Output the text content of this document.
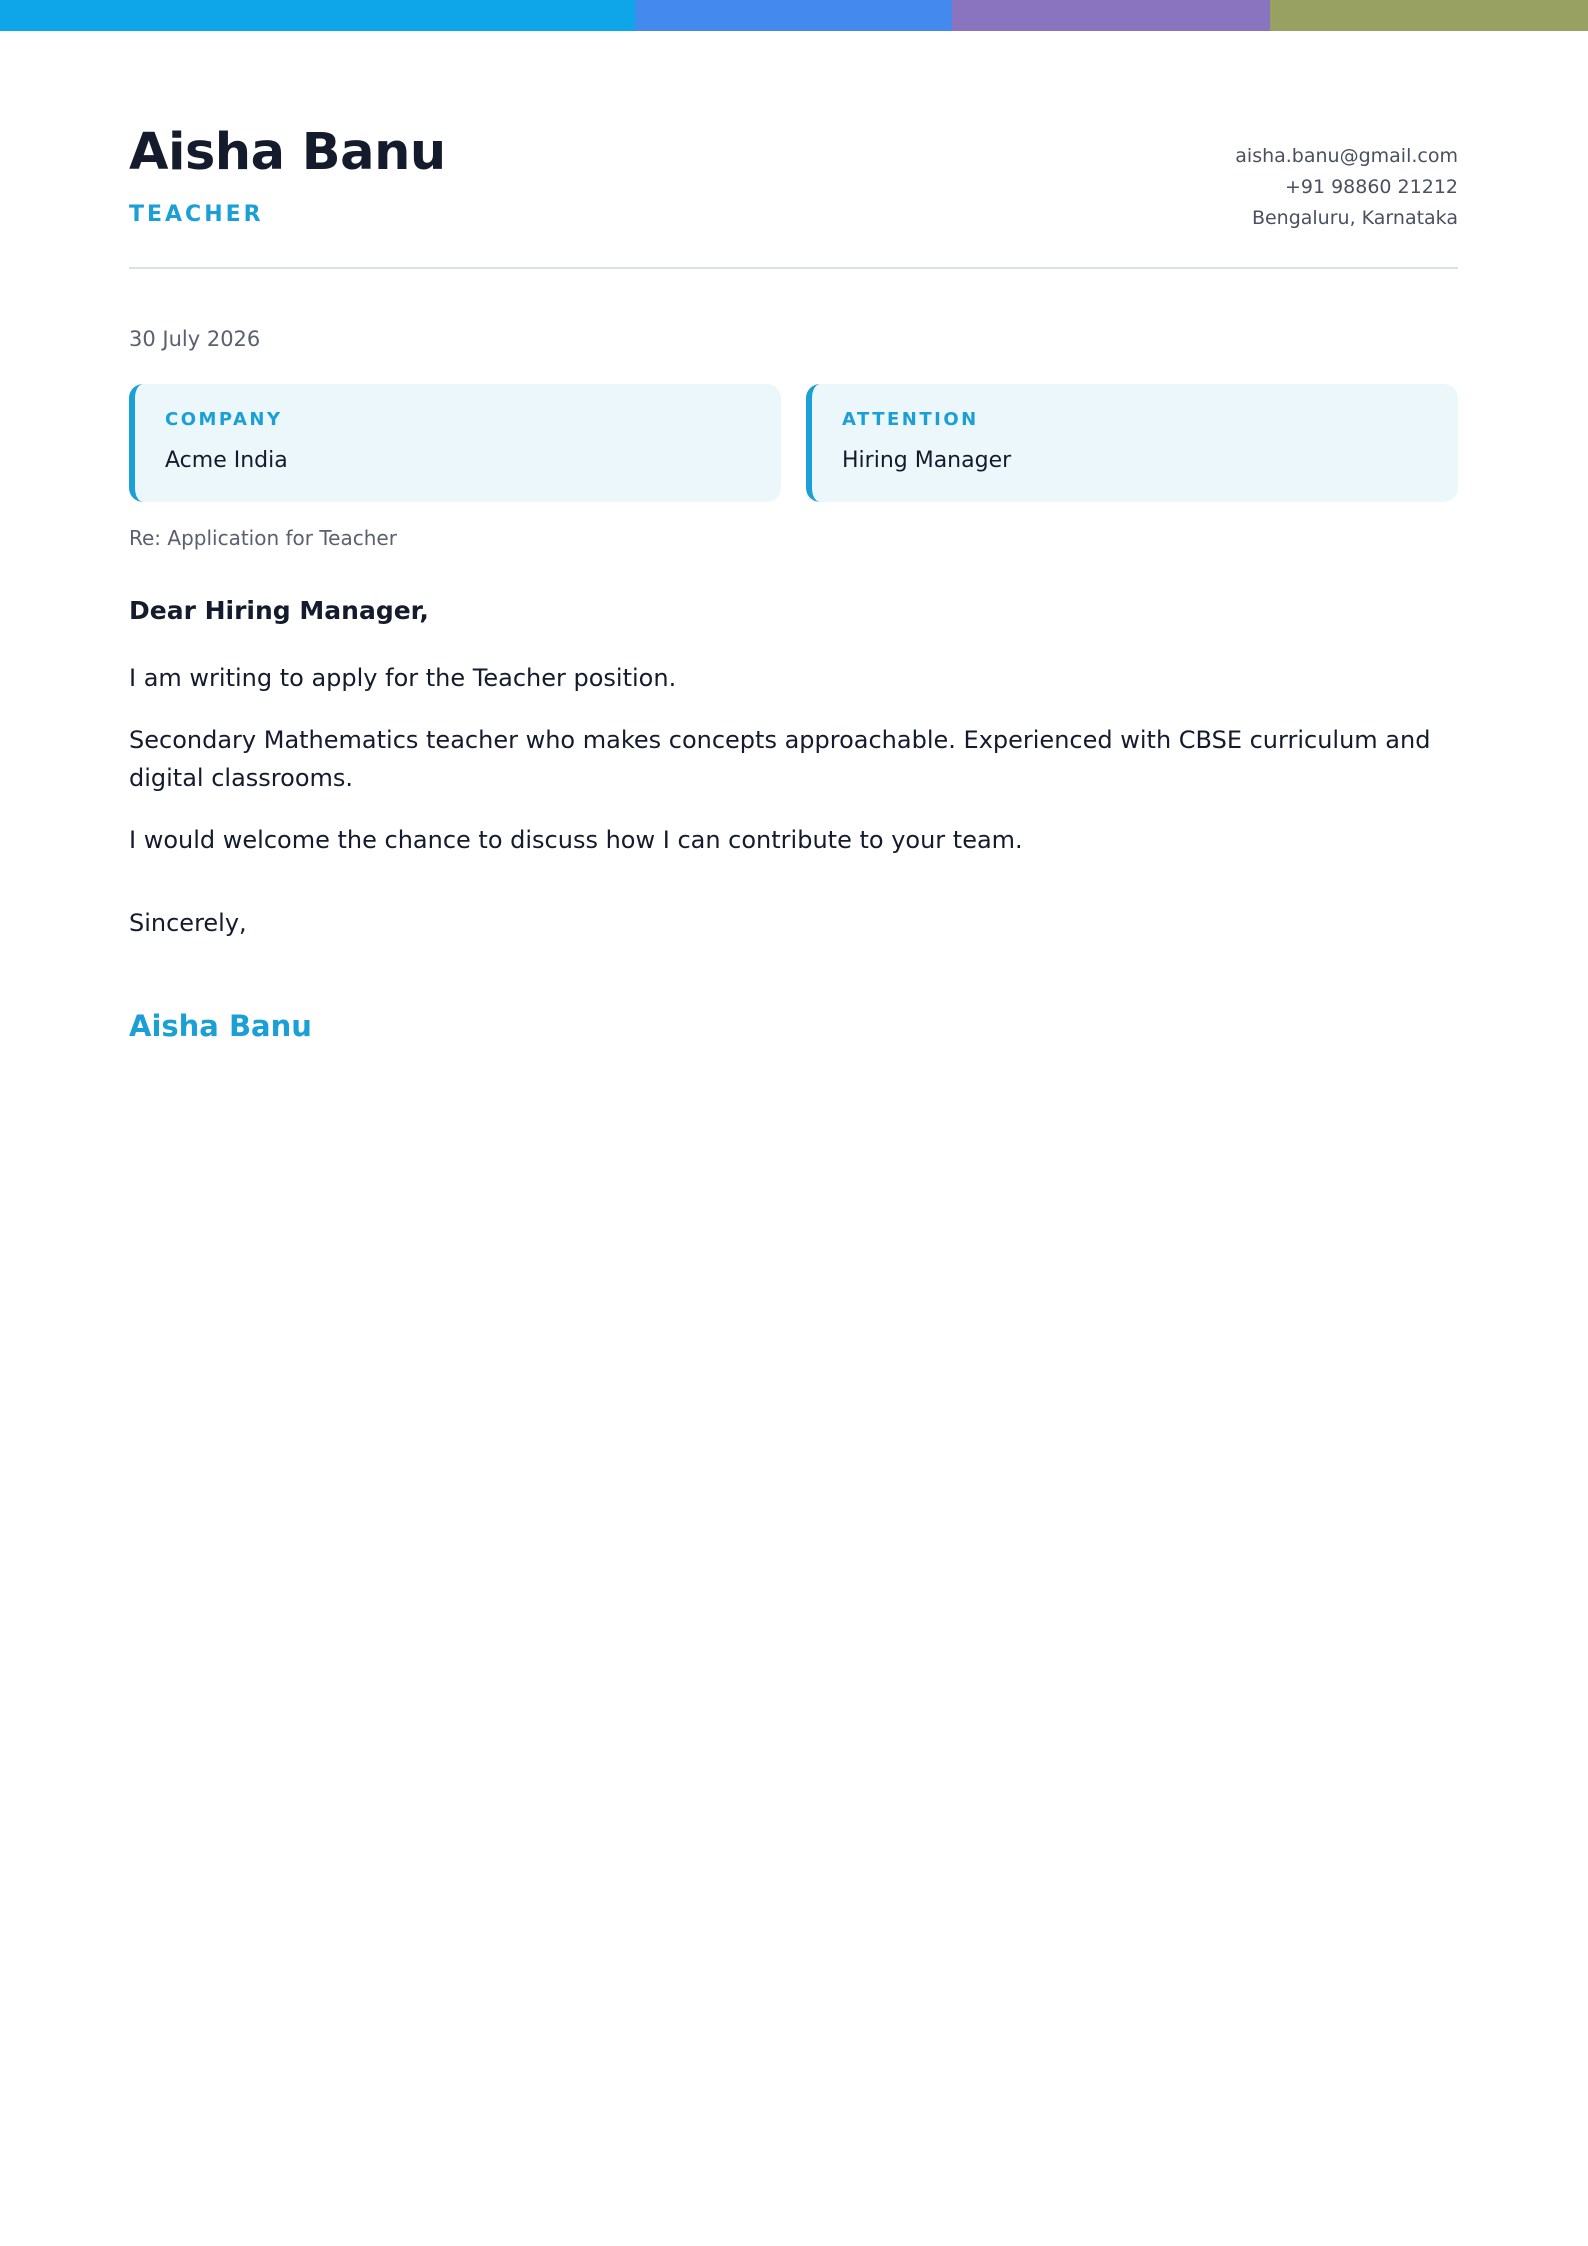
Aisha Banu
TEACHER
aisha.banu@gmail.com
+91 98860 21212
Bengaluru, Karnataka
30 July 2026
COMPANY
Acme India
ATTENTION
Hiring Manager
Re: Application for Teacher
Dear Hiring Manager,

I am writing to apply for the Teacher position.

Secondary Mathematics teacher who makes concepts approachable. Experienced with CBSE curriculum and digital classrooms.

I would welcome the chance to discuss how I can contribute to your team.

Sincerely,
Aisha Banu
